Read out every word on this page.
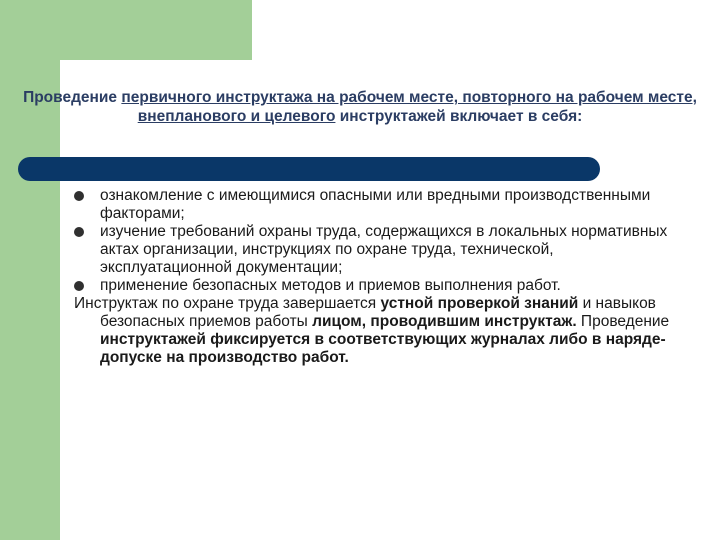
Проведение первичного инструктажа на рабочем месте, повторного на рабочем месте, внепланового и целевого инструктажей включает в себя:
ознакомление с имеющимися опасными или вредными производственными факторами;
изучение требований охраны труда, содержащихся в локальных нормативных актах организации, инструкциях по охране труда, технической, эксплуатационной документации;
применение безопасных методов и приемов выполнения работ.
Инструктаж по охране труда завершается устной проверкой знаний и навыков безопасных приемов работы лицом, проводившим инструктаж. Проведение инструктажей фиксируется в соответствующих журналах либо в наряде-допуске на производство работ.
